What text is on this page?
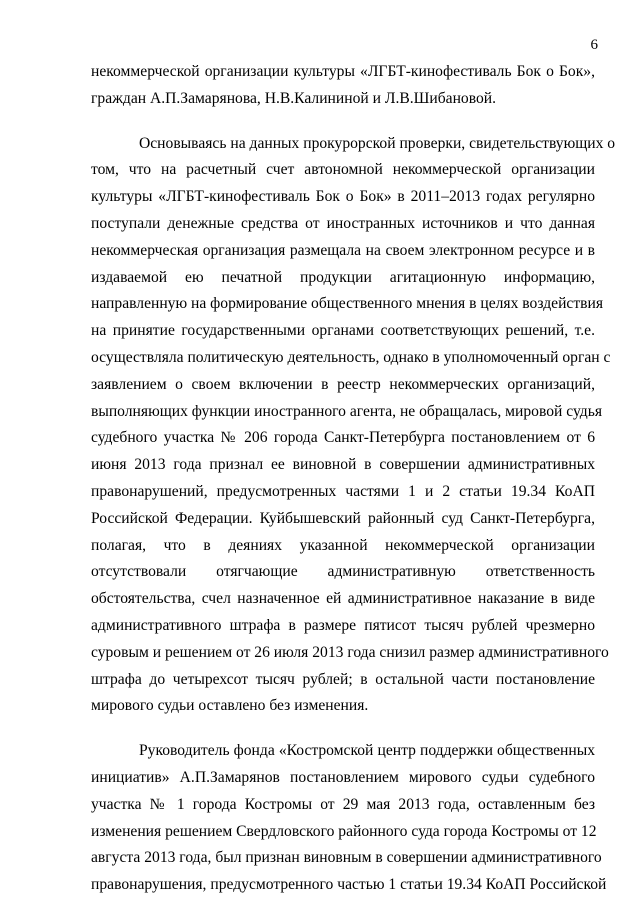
6

некоммерческой организации культуры «ЛГБТ-кинофестиваль Бок о Бок»,
граждан А.П.Замарянова, Н.В.Калининой и Л.В.Шибановой.

Основываясь на данных прокурорской проверки, свидетельствующих о
том, что на расчетный счет автономной некоммерческой организации
культуры «ЛГБТ-кинофестиваль Бок о Бок» в 2011–2013 годах регулярно
поступали денежные средства от иностранных источников и что данная
некоммерческая организация размещала на своем электронном ресурсе и в
издаваемой ею печатной продукции агитационную информацию,
направленную на формирование общественного мнения в целях воздействия
на принятие государственными органами соответствующих решений, т.е.
осуществляла политическую деятельность, однако в уполномоченный орган с
заявлением о своем включении в реестр некоммерческих организаций,
выполняющих функции иностранного агента, не обращалась, мировой судья
судебного участка № 206 города Санкт-Петербурга постановлением от 6
июня 2013 года признал ее виновной в совершении административных
правонарушений, предусмотренных частями 1 и 2 статьи 19.34 КоАП
Российской Федерации. Куйбышевский районный суд Санкт-Петербурга,
полагая, что в деяниях указанной некоммерческой организации
отсутствовали отягчающие административную ответственность
обстоятельства, счел назначенное ей административное наказание в виде
административного штрафа в размере пятисот тысяч рублей чрезмерно
суровым и решением от 26 июля 2013 года снизил размер административного
штрафа до четырехсот тысяч рублей; в остальной части постановление
мирового судьи оставлено без изменения.

Руководитель фонда «Костромской центр поддержки общественных
инициатив» А.П.Замарянов постановлением мирового судьи судебного
участка № 1 города Костромы от 29 мая 2013 года, оставленным без
изменения решением Свердловского районного суда города Костромы от 12
августа 2013 года, был признан виновным в совершении административного
правонарушения, предусмотренного частью 1 статьи 19.34 КоАП Российской
